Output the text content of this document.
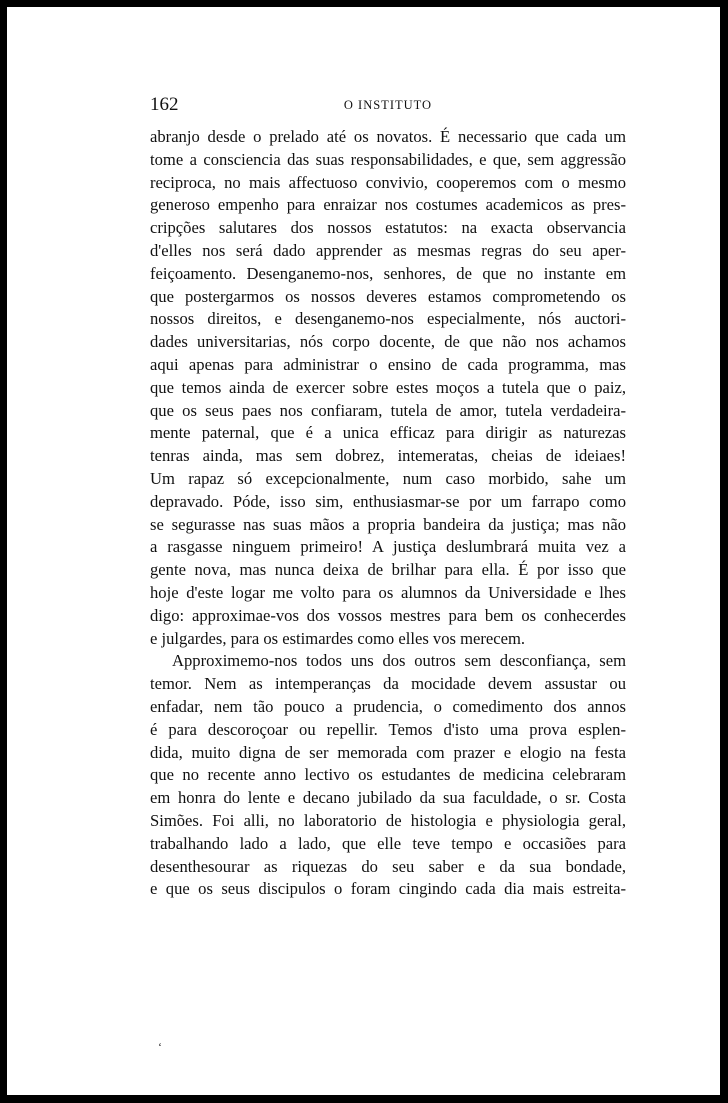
162	O INSTITUTO
abranjo desde o prelado até os novatos. É necessario que cada um
tome a consciencia das suas responsabilidades, e que, sem aggressão
reciproca, no mais affectuoso convivio, cooperemos com o mesmo
generoso empenho para enraizar nos costumes academicos as pres-
cripções salutares dos nossos estatutos: na exacta observancia
d'elles nos será dado apprender as mesmas regras do seu aper-
feiçoamento. Desenganemo-nos, senhores, de que no instante em
que postergarmos os nossos deveres estamos comprometendo os
nossos direitos, e desenganemo-nos especialmente, nós auctori-
dades universitarias, nós corpo docente, de que não nos achamos
aqui apenas para administrar o ensino de cada programma, mas
que temos ainda de exercer sobre estes moços a tutela que o paiz,
que os seus paes nos confiaram, tutela de amor, tutela verdadeira-
mente paternal, que é a unica efficaz para dirigir as naturezas
tenras ainda, mas sem dobrez, intemeratas, cheias de ideiaes!
Um rapaz só excepcionalmente, num caso morbido, sahe um
depravado. Póde, isso sim, enthusiasmar-se por um farrapo como
se segurasse nas suas mãos a propria bandeira da justiça; mas não
a rasgasse ninguem primeiro! A justiça deslumbrará muita vez a
gente nova, mas nunca deixa de brilhar para ella. É por isso que
hoje d'este logar me volto para os alumnos da Universidade e lhes
digo: approximae-vos dos vossos mestres para bem os conhecerdes
e julgardes, para os estimardes como elles vos merecem.
Approximemo-nos todos uns dos outros sem desconfiança, sem
temor. Nem as intemperanças da mocidade devem assustar ou
enfadar, nem tão pouco a prudencia, o comedimento dos annos
é para descoroçoar ou repellir. Temos d'isto uma prova esplen-
dida, muito digna de ser memorada com prazer e elogio na festa
que no recente anno lectivo os estudantes de medicina celebraram
em honra do lente e decano jubilado da sua faculdade, o sr. Costa
Simões. Foi alli, no laboratorio de histologia e physiologia geral,
trabalhando lado a lado, que elle teve tempo e occasiões para
desenthesourar as riquezas do seu saber e da sua bondade,
e que os seus discipulos o foram cingindo cada dia mais estreita-
‘
